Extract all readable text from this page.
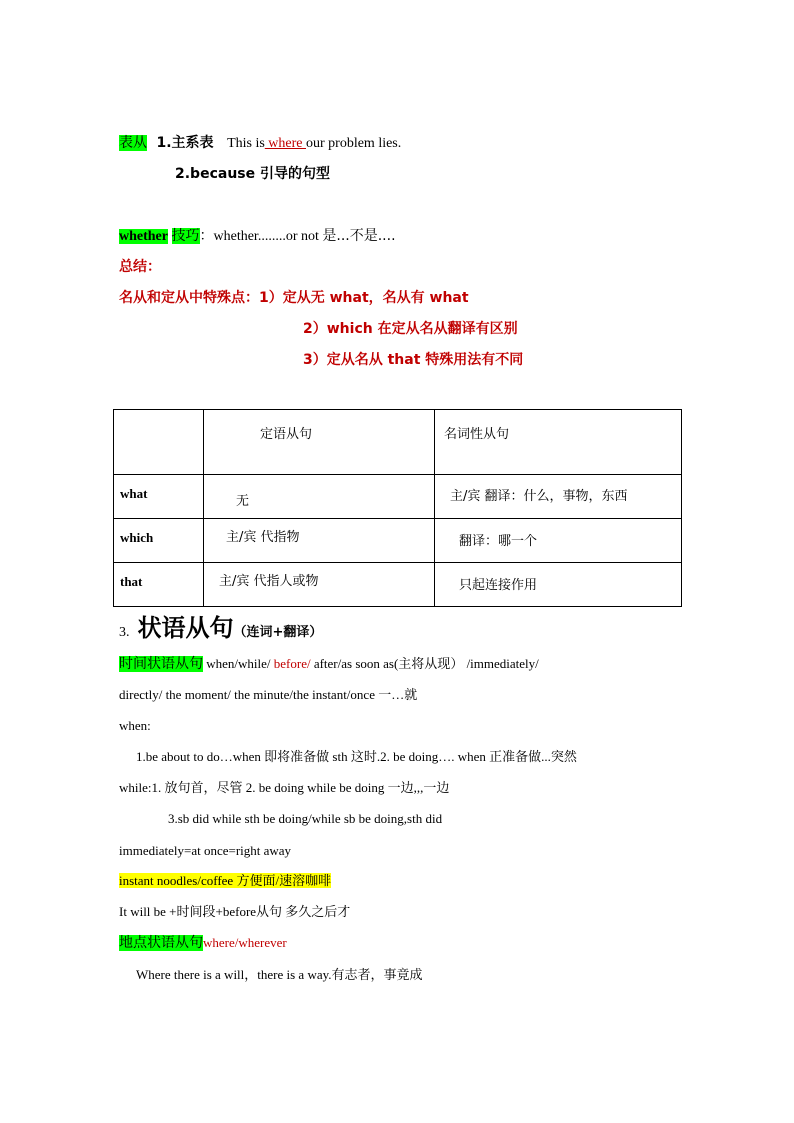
表从 1.主系表 This is where our problem lies.
2.because 引导的句型
whether 技巧：whether........or not 是...不是....
总结：
名从和定从中特殊点：1）定从无 what，名从有 what
2）which 在定从名从翻译有区别
3）定从名从 that 特殊用法有不同

	定语从句	名词性从句

what	无	主/宾 翻译：什么，事物，东西

which	主/宾 代指物	翻译：哪一个

that	主/宾 代指人或物	只起连接作用
3. 状语从句（连词+翻译）
时间状语从句 when/while/ before/ after/as soon as(主将从现） /immediately/
directly/ the moment/ the minute/the instant/once 一…就
when:
1.be about to do…when 即将准备做 sth 这时.2. be doing…. when 正准备做...突然
while:1. 放句首，尽管 2. be doing while be doing 一边,,,一边
3.sb did while sth be doing/while sb be doing,sth did
immediately=at once=right away
instant noodles/coffee 方便面/速溶咖啡
It will be +时间段+before从句 多久之后才
地点状语从句where/wherever
Where there is a will，there is a way.有志者，事竟成
